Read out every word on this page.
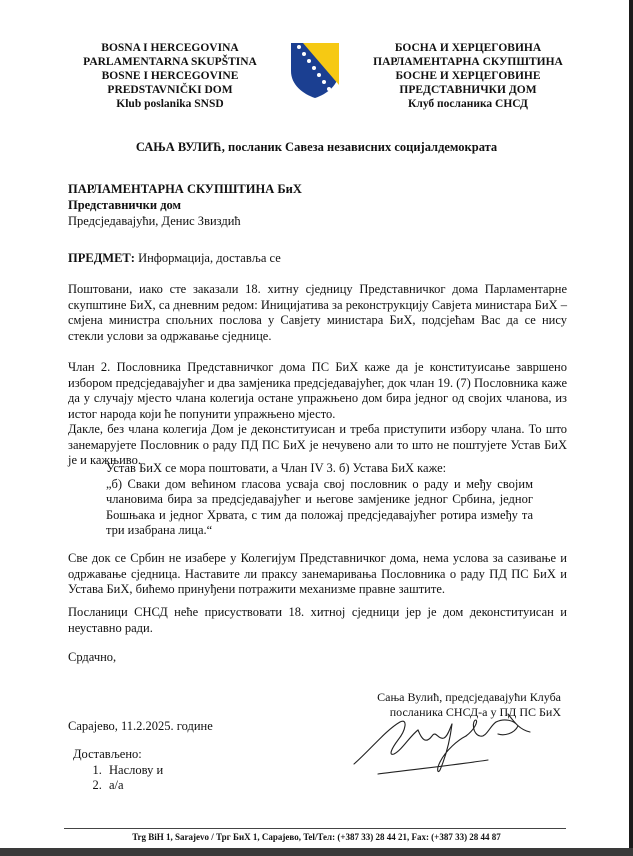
BOSNA I HERCEGOVINA
PARLAMENTARNA SKUPŠTINA
BOSNE I HERCEGOVINE
PREDSTAVNIČKI DOM
Klub poslanika SNSD
БОСНА И ХЕРЦЕГОВИНА
ПАРЛАМЕНТАРНА СКУПШТИНА
БОСНЕ И ХЕРЦЕГОВИНЕ
ПРЕДСТАВНИЧКИ ДОМ
Клуб посланика СНСД
САЊА ВУЛИЋ, посланик Савеза независних социјалдемократа
ПАРЛАМЕНТАРНА СКУПШТИНА БиХ
Представнички дом
Предсједавајући, Денис Звиздић
ПРЕДМЕТ: Информација, доставља се
Поштовани, иако сте заказали 18. хитну сједницу Представничког дома Парламентарне скупштине БиХ, са дневним редом: Иницијатива за реконструкцију Савјета министара БиХ – смјена министра спољних послова у Савјету министара БиХ, подсјећам Вас да се нису стекли услови за одржавање сједнице.
Члан 2. Пословника Представничког дома ПС БиХ каже да је конституисање завршено избором предсједавајућег и два замјеника предсједавајућег, док члан 19. (7) Пословника каже да у случају мјесто члана колегија остане упражњено дом бира једног од својих чланова, из истог народа који ће попунити упражњено мјесто.
Дакле, без члана колегија Дом је деконституисан и треба приступити избору члана. То што занемарујете Пословник о раду ПД ПС БиХ је нечувено али то што не поштујете Устав БиХ је и кажњиво.
Устав БиХ се мора поштовати, а Члан IV 3. б) Устава БиХ каже:
„б) Сваки дом већином гласова усваја свој пословник о раду и међу својим члановима бира за предсједавајућег и његове замјенике једног Србина, једног Бошњака и једног Хрвата, с тим да положај предсједавајућег ротира између та три изабрана лица.“
Све док се Србин не изабере у Колегијум Представничког дома, нема услова за сазивање и одржавање сједница. Наставите ли праксу занемаривања Пословника о раду ПД ПС БиХ и Устава БиХ, бићемо принуђени потражити механизме правне заштите.
Посланици СНСД неће присуствовати 18. хитној сједници јер је дом деконституисан и неуставно ради.
Срдачно,
Сања Вулић, предсједавајући Клуба
посланика СНСД-а у ПД ПС БиХ
Сарајево, 11.2.2025. године
Достављено:
1. Наслову и
2. а/а
Trg BiH 1, Sarajevo / Трг БиХ 1, Сарајево, Tel/Тел: (+387 33) 28 44 21, Fax: (+387 33) 28 44 87
